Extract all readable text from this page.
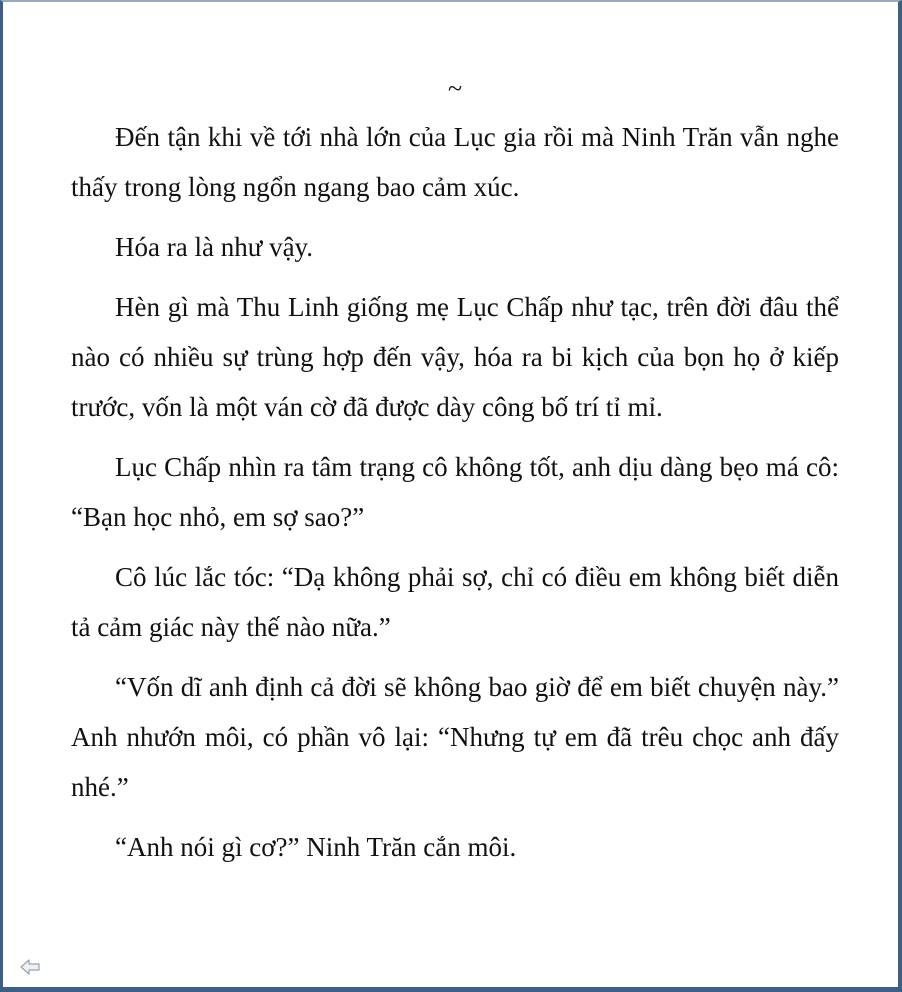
~

Đến tận khi về tới nhà lớn của Lục gia rồi mà Ninh Trăn vẫn nghe thấy trong lòng ngổn ngang bao cảm xúc.

Hóa ra là như vậy.

Hèn gì mà Thu Linh giống mẹ Lục Chấp như tạc, trên đời đâu thể nào có nhiều sự trùng hợp đến vậy, hóa ra bi kịch của bọn họ ở kiếp trước, vốn là một ván cờ đã được dày công bố trí tỉ mỉ.

Lục Chấp nhìn ra tâm trạng cô không tốt, anh dịu dàng bẹo má cô: “Bạn học nhỏ, em sợ sao?”

Cô lúc lắc tóc: “Dạ không phải sợ, chỉ có điều em không biết diễn tả cảm giác này thế nào nữa.”

“Vốn dĩ anh định cả đời sẽ không bao giờ để em biết chuyện này.” Anh nhướn môi, có phần vô lại: “Nhưng tự em đã trêu chọc anh đấy nhé.”

“Anh nói gì cơ?” Ninh Trăn cắn môi.
